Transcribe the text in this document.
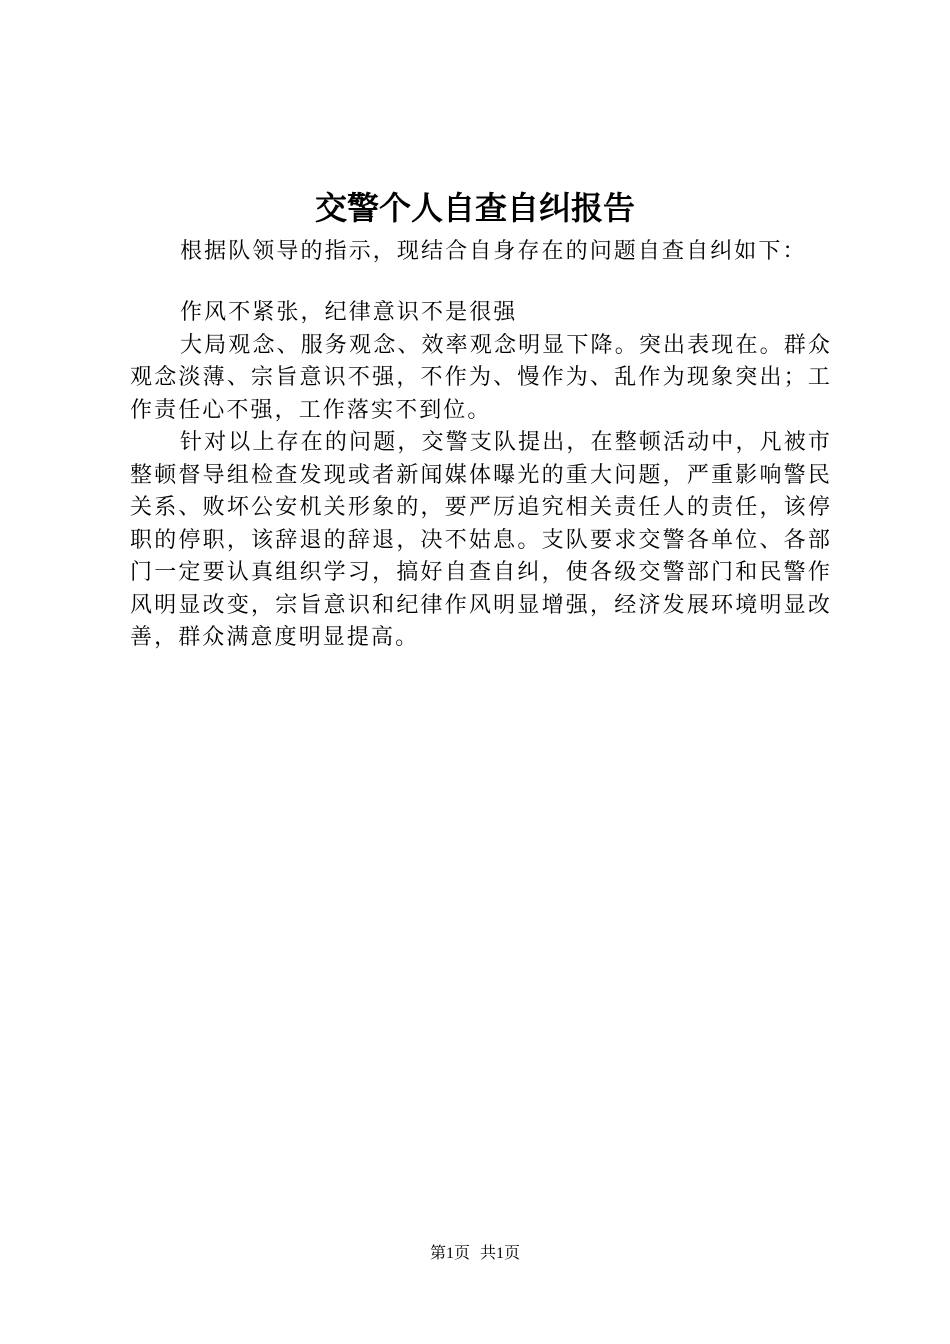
交警个人自查自纠报告

根据队领导的指示，现结合自身存在的问题自查自纠如下：

作风不紧张，纪律意识不是很强

大局观念、服务观念、效率观念明显下降。突出表现在。群众观念淡薄、宗旨意识不强，不作为、慢作为、乱作为现象突出；工作责任心不强，工作落实不到位。

针对以上存在的问题，交警支队提出，在整顿活动中，凡被市整顿督导组检查发现或者新闻媒体曝光的重大问题，严重影响警民关系、败坏公安机关形象的，要严厉追究相关责任人的责任，该停职的停职，该辞退的辞退，决不姑息。支队要求交警各单位、各部门一定要认真组织学习，搞好自查自纠，使各级交警部门和民警作风明显改变，宗旨意识和纪律作风明显增强，经济发展环境明显改善，群众满意度明显提高。

第1页 共1页
